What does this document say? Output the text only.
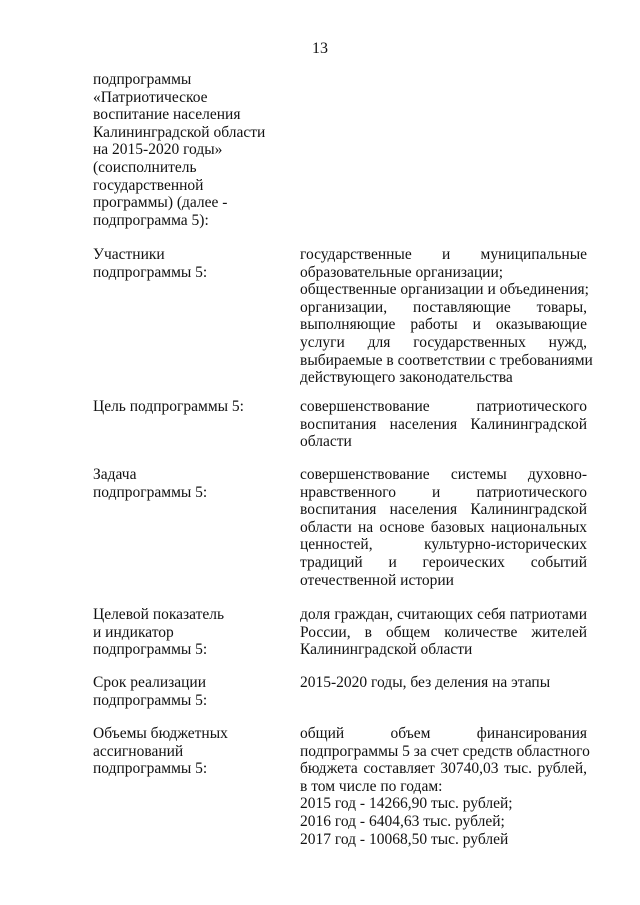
13
подпрограммы
«Патриотическое
воспитание населения
Калининградской области
на 2015-2020 годы»
(соисполнитель
государственной
программы) (далее -
подпрограмма 5):
Участники
подпрограммы 5:
государственные и муниципальные
образовательные организации;
общественные организации и объединения;
организации, поставляющие товары,
выполняющие работы и оказывающие
услуги для государственных нужд,
выбираемые в соответствии с требованиями
действующего законодательства
Цель подпрограммы 5:	совершенствование патриотического
воспитания населения Калининградской
области
Задача
подпрограммы 5:
совершенствование системы духовно-
нравственного и патриотического
воспитания населения Калининградской
области на основе базовых национальных
ценностей, культурно-исторических
традиций и героических событий
отечественной истории
Целевой показатель
и индикатор
подпрограммы 5:
доля граждан, считающих себя патриотами
России, в общем количестве жителей
Калининградской области
Срок реализации
подпрограммы 5:
2015-2020 годы, без деления на этапы
Объемы бюджетных
ассигнований
подпрограммы 5:
общий объем финансирования
подпрограммы 5 за счет средств областного
бюджета составляет 30740,03 тыс. рублей,
в том числе по годам:
2015 год - 14266,90 тыс. рублей;
2016 год - 6404,63 тыс. рублей;
2017 год - 10068,50 тыс. рублей
